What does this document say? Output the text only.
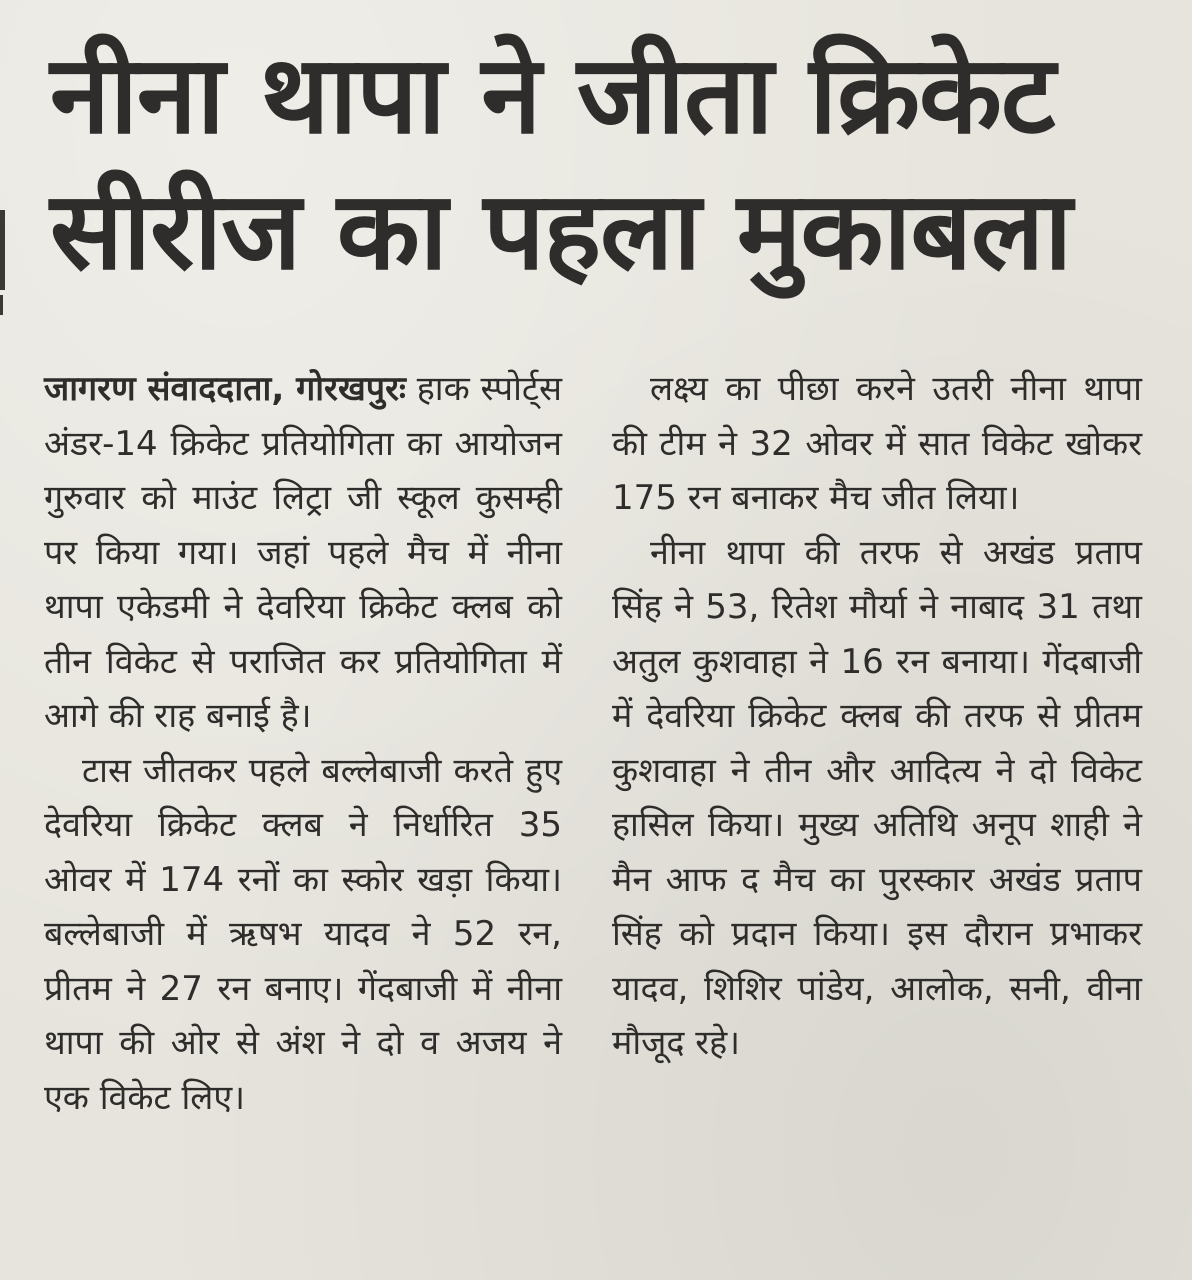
नीना थापा ने जीता क्रिकेट
सीरीज का पहला मुकाबला

जागरण संवाददाता, गोरखपुरः हाक स्पोर्ट्स अंडर-14 क्रिकेट प्रतियोगिता का आयोजन गुरुवार को माउंट लिट्रा जी स्कूल कुसम्ही पर किया गया। जहां पहले मैच में नीना थापा एकेडमी ने देवरिया क्रिकेट क्लब को तीन विकेट से पराजित कर प्रतियोगिता में आगे की राह बनाई है।

टास जीतकर पहले बल्लेबाजी करते हुए देवरिया क्रिकेट क्लब ने निर्धारित 35 ओवर में 174 रनों का स्कोर खड़ा किया। बल्लेबाजी में ऋषभ यादव ने 52 रन, प्रीतम ने 27 रन बनाए। गेंदबाजी में नीना थापा की ओर से अंश ने दो व अजय ने एक विकेट लिए।

लक्ष्य का पीछा करने उतरी नीना थापा की टीम ने 32 ओवर में सात विकेट खोकर 175 रन बनाकर मैच जीत लिया।

नीना थापा की तरफ से अखंड प्रताप सिंह ने 53, रितेश मौर्या ने नाबाद 31 तथा अतुल कुशवाहा ने 16 रन बनाया। गेंदबाजी में देवरिया क्रिकेट क्लब की तरफ से प्रीतम कुशवाहा ने तीन और आदित्य ने दो विकेट हासिल किया। मुख्य अतिथि अनूप शाही ने मैन आफ द मैच का पुरस्कार अखंड प्रताप सिंह को प्रदान किया। इस दौरान प्रभाकर यादव, शिशिर पांडेय, आलोक, सनी, वीना मौजूद रहे।
